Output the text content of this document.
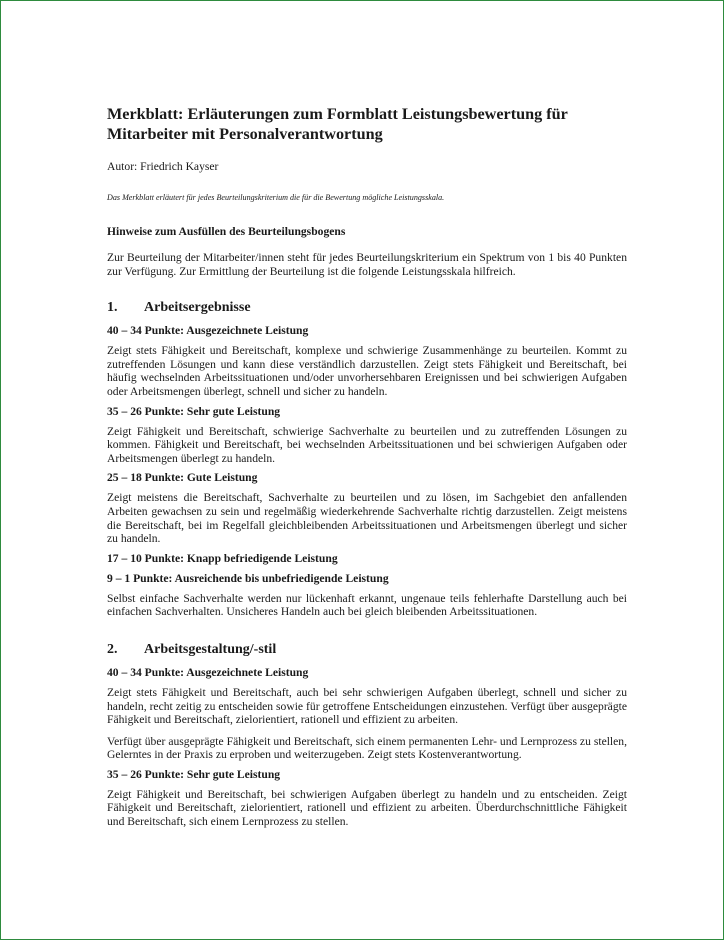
Merkblatt: Erläuterungen zum Formblatt Leistungsbewertung für Mitarbeiter mit Personalverantwortung
Autor: Friedrich Kayser
Das Merkblatt erläutert für jedes Beurteilungskriterium die für die Bewertung mögliche Leistungsskala.
Hinweise zum Ausfüllen des Beurteilungsbogens

Zur Beurteilung der Mitarbeiter/innen steht für jedes Beurteilungskriterium ein Spektrum von 1 bis 40 Punkten zur Verfügung. Zur Ermittlung der Beurteilung ist die folgende Leistungsskala hilfreich.

1.	Arbeitsergebnisse
40 – 34 Punkte: Ausgezeichnete Leistung

Zeigt stets Fähigkeit und Bereitschaft, komplexe und schwierige Zusammenhänge zu beurteilen. Kommt zu zutreffenden Lösungen und kann diese verständlich darzustellen. Zeigt stets Fähigkeit und Bereitschaft, bei häufig wechselnden Arbeitssituationen und/oder unvorhersehbaren Ereignissen und bei schwierigen Aufgaben oder Arbeitsmengen überlegt, schnell und sicher zu handeln.

35 – 26 Punkte: Sehr gute Leistung

Zeigt Fähigkeit und Bereitschaft, schwierige Sachverhalte zu beurteilen und zu zutreffenden Lösungen zu kommen. Fähigkeit und Bereitschaft, bei wechselnden Arbeitssituationen und bei schwierigen Aufgaben oder Arbeitsmengen überlegt zu handeln.

25 – 18 Punkte: Gute Leistung

Zeigt meistens die Bereitschaft, Sachverhalte zu beurteilen und zu lösen, im Sachgebiet den anfallenden Arbeiten gewachsen zu sein und regelmäßig wiederkehrende Sachverhalte richtig darzustellen. Zeigt meistens die Bereitschaft, bei im Regelfall gleichbleibenden Arbeitssituationen und Arbeitsmengen überlegt und sicher zu handeln.

17 – 10 Punkte: Knapp befriedigende Leistung
9 – 1 Punkte: Ausreichende bis unbefriedigende Leistung

Selbst einfache Sachverhalte werden nur lückenhaft erkannt, ungenaue teils fehlerhafte Darstellung auch bei einfachen Sachverhalten. Unsicheres Handeln auch bei gleich bleibenden Arbeitssituationen.

2.	Arbeitsgestaltung/-stil
40 – 34 Punkte: Ausgezeichnete Leistung

Zeigt stets Fähigkeit und Bereitschaft, auch bei sehr schwierigen Aufgaben überlegt, schnell und sicher zu handeln, recht zeitig zu entscheiden sowie für getroffene Entscheidungen einzustehen. Verfügt über ausgeprägte Fähigkeit und Bereitschaft, zielorientiert, rationell und effizient zu arbeiten.

Verfügt über ausgeprägte Fähigkeit und Bereitschaft, sich einem permanenten Lehr- und Lernprozess zu stellen, Gelerntes in der Praxis zu erproben und weiterzugeben. Zeigt stets Kostenverantwortung.

35 – 26 Punkte: Sehr gute Leistung

Zeigt Fähigkeit und Bereitschaft, bei schwierigen Aufgaben überlegt zu handeln und zu entscheiden. Zeigt Fähigkeit und Bereitschaft, zielorientiert, rationell und effizient zu arbeiten. Überdurchschnittliche Fähigkeit und Bereitschaft, sich einem Lernprozess zu stellen.
